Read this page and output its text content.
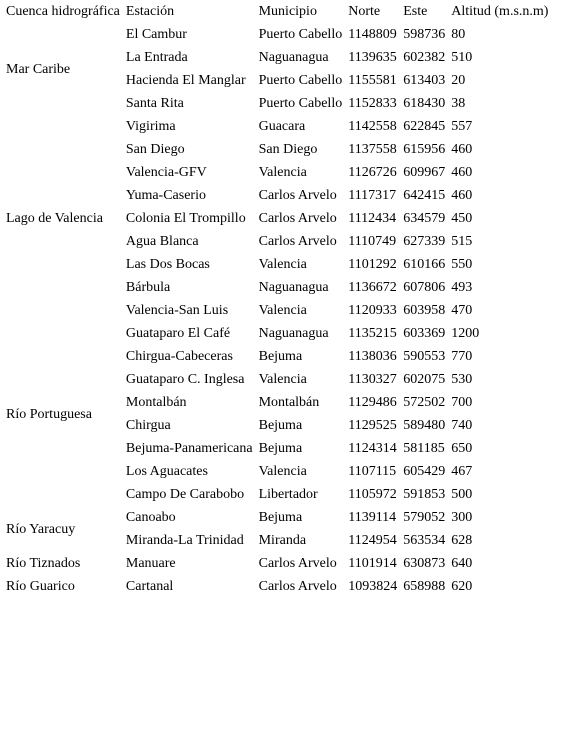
Cuenca hidrográfica	Estación	Municipio	Norte	Este	Altitud (m.s.n.m)
Mar Caribe	El Cambur	Puerto Cabello	1148809	598736	80
	La Entrada	Naguanagua	1139635	602382	510
	Hacienda El Manglar	Puerto Cabello	1155581	613403	20
	Santa Rita	Puerto Cabello	1152833	618430	38
Lago de Valencia	Vigirima	Guacara	1142558	622845	557
	San Diego	San Diego	1137558	615956	460
	Valencia-GFV	Valencia	1126726	609967	460
	Yuma-Caserio	Carlos Arvelo	1117317	642415	460
	Colonia El Trompillo	Carlos Arvelo	1112434	634579	450
	Agua Blanca	Carlos Arvelo	1110749	627339	515
	Las Dos Bocas	Valencia	1101292	610166	550
	Bárbula	Naguanagua	1136672	607806	493
	Valencia-San Luis	Valencia	1120933	603958	470
Río Portuguesa	Guataparo El Café	Naguanagua	1135215	603369	1200
	Chirgua-Cabeceras	Bejuma	1138036	590553	770
	Guataparo C. Inglesa	Valencia	1130327	602075	530
	Montalbán	Montalbán	1129486	572502	700
	Chirgua	Bejuma	1129525	589480	740
	Bejuma-Panamericana	Bejuma	1124314	581185	650
	Los Aguacates	Valencia	1107115	605429	467
	Campo De Carabobo	Libertador	1105972	591853	500
Río Yaracuy	Canoabo	Bejuma	1139114	579052	300
	Miranda-La Trinidad	Miranda	1124954	563534	628
Río Tiznados	Manuare	Carlos Arvelo	1101914	630873	640
Río Guarico	Cartanal	Carlos Arvelo	1093824	658988	620
